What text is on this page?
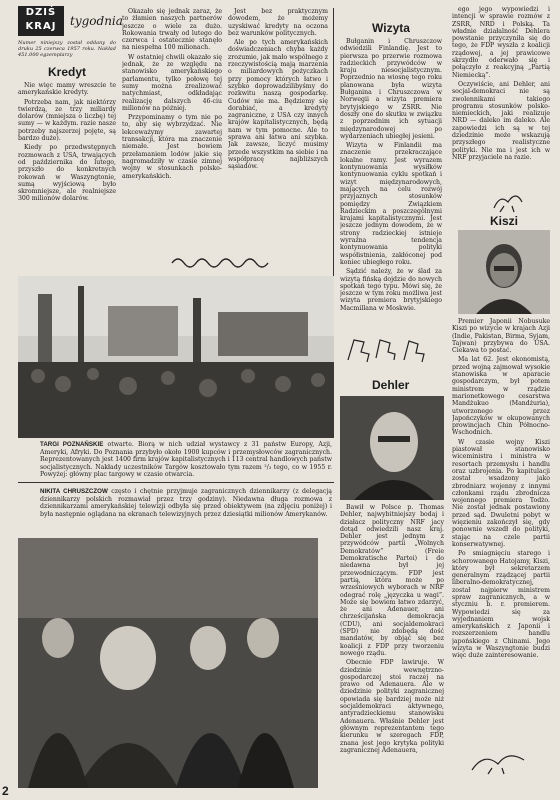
DZIŚ
KRAJ	tygodnia
Numer niniejszy został oddany do druku 25 czerwca 1957 roku. Nakład 451.000 egzemplarzy
Kredyt

Nie więc mamy wreszcie te amerykańskie kredyty.

Potrzeba nam, jak niektórzy twierdzą, ze trzy miliardy dolarów (mniejsza o liczbę) tej sumy — w każdym. razie nasze potrzeby najszerzej pojęte, są bardzo duże).

Kiedy po przedwstępnych rozmowach z USA, trwających od października do lutego, przyszło do konkretnych rokowań w Waszyngtonie, sumą wyjściową było skromniejsze, ale realniejsze 300 milionów dolarów.

Okazało się jednak zaraz, że to żłamien naszych partnerów jeszcze o wiele za dużo. Rokowania trwały od lutego do czerwca i ostatecznie stanęło na niespełna 100 milionach.

W ostatniej chwili okazało się jednak, że ze względu na stanowisko amerykańskiego parlamentu, tylko połowę tej sumy można zrealizować natychmiast, odkładając realizację dalszych 46-ciu milionów na później.

Przypominamy o tym nie po to, aby się wybrzydzać. Nie lekceważymy zawartej transakcji, która ma znaczenie niemałe. Jest bowiem przełamaniem lodów jakie się nagromadziły w czasie zimnej wojny w stosunkach polsko-amerykańskich.

Jest bez praktycznym dowodem, że możemy uzyskiwać kredyty na oczona bez warunków politycznych.

Ale po tych amerykańskich doświadczeniach chyba każdy zrozumie, jak mało wspólnego z rzeczywistością mają marzenia o miliardowych pożyczkach przy pomocy których łatwo i szybko doprowadzilibyśmy do rozkwitu naszą gospodarkę. Cudów nie ma. Będziemy się dorabiać, a kredyty zagraniczne, z USA czy innych krajów kapitalistycznych, będą nam w tym pomocne. Ale to sprawa ani łatwa ani szybka. Jak zawsze, liczyć musimy przede wszystkim na siebie i na współpracę najbliższych sąsiadów.

Wizyta

Bułganin i Chruszczow odwiedzili Finlandię. Jest to pierwsza po przerwie rozmowa radzieckich przywódców w kraju niesocjalistycznym. Poprzednio na wiosnę tego roku planowana była wizyta Bułganina i Chruszczowa w Norwegii a wizyta premiera brytyjskiego w ZSRR. Nie doszły one do skutku w związku z poprzednim ich sytuacji międzynarodowej po wydarzeniach ubiegłej jesieni.

Wizyta w Finlandii ma znaczenie przekraczające lokalne ramy. Jest wyrazem kontynuowania wysiłków kontynuowania cyklu spotkań i wizyt międzynarodowych, mających na celu rozwój przyjaznych stosunków pomiędzy Związkiem Radzieckim a poszczególnymi krajami kapitalistycznymi. Jest jeszcze jednym dowodem, że w strony radzieckiej istnieje wyraźna tendencja kontynuowania polityki współistnienia, zakłóconej pod koniec ubiegłego roku.

Sądzić należy, że w ślad za wizytą fińską dojdzie do nowych spotkań tego typu. Mówi się, że jeszcze w tym roku możliwa jest wizyta premiera brytyjskiego Macmillana w Moskwie.

ego jego wypowiedzi i intencji w sprawie rozmów z ZSRR, NRD i Polską. Ta władnie działalność Dehlera powstanie przyczyniła się do tego, że FDP wyszła z koalicji rządowej, a jej prawicowe skrzydło oderwało się i połączyło z reakcyjną „Partią Niemiecką”.

Oczywiście, ani Dehler, ani socjal-demokraci nie są zwolennikami takiego programu stosunków polsko-niemieckich, jaki realizuje NRD — daleko im daleko. Ale zapowiedzi ich są w tej dziedzinie może wskazują przyszłego realistyczne polityki. Nie ma i jest ich w NRF przyjaciele na razie.

Kiszi

Premier Japonii Nobusuke Kiszi po wizycie w krajach Azji (Indie, Pakistan, Birma, Syjam, Tajwan) przybywa do USA. Ciekawa to postać.

Ma lat 62. Jest ekonomistą, przed wojną zajmował wysokie stanowiska w aparacie gospodarczym, był potem ministrem w rządzie marionetkowego cesarstwa Mandżukuo (Mandżuria), utworzonego przez Japończyków w okupowanych prowincjach Chin Północno-Wschodnich.

W czasie wojny Kiszi piastował stanowisko wiceministra i ministra w resortach przemysłu i handlu oraz uzbrojenia. Po kapitulacji został wsadzony jako zbrodniarz wojenny z innymi członkami rządu zbrodnicza wojennego premiera Todżo. Nie został jednak postawiony przed sąd. Dwuletni pobyt w więzieniu zakończył się, gdy ponownie wszedł do polityki, stając na czele partii konserwatywnej.

Po smiagnięciu starego i schorowanego Hatojamy, Kiszi, który był sekretarzem generalnym rządzącej partii liberalno-demokratycznej, został najpierw ministrem spraw zagranicznych, a w styczniu b. r. premierem. Wypowiedzi się za wyjednaniem wojsk amerykańskich z Japonii i rozszerzeniem handlu japońskiego z Chinami. Jego wizyta w Waszyngtonie budzi więc duże zainteresowanie.

TARGI POZNAŃSKIE otwarte. Biorą w nich udział wystawcy z 31 państw Europy, Azji, Ameryki, Afryki. Do Poznania przybyło około 1900 kupców i przemysłowców zagranicznych. Reprezentowanych jest 1400 firm krajów kapitalistycznych i 113 central handlowych państw socjalistycznych. Nakłady uczestników Targów kosztowało tym razem ²/₃ tego, co w 1955 r. Powyżej: główny plac targowy w czasie otwarcia.
NIKITA CHRUSZCZOW często i chętnie przyjmuje zagranicznych dziennikarzy (z delegacją dziennikarzy polskich rozmawiał przez trzy godziny). Niedawna długa rozmowa z dziennikarzami amerykańskiej telewizji odbyła się przed obiektywem (na zdjęciu poniżej) i była następnie oglądana na ekranach telewizyjnych przez dziesiątki milionów Amerykanów.
Dehler

Bawił w Polsce p. Thomas Dehler, najwybitniejszy bodaj i działacz polityczny NRF jacy dotąd odwiedzili nasz kraj. Dehler jest jednym z przywódców partii „Wolnych Demokratów” (Freie Demokratische Partei) i do niedawna był jej przewodniczącym. FDP jest partią, która może po wrześniowych wyborach w NRF odegrać rolę „języczka u wagi”. Może się bowiem łatwo zdarzyć, że ani Adenauer, ani chrześcijańska demokracja (CDU), ani socjaldemokraci (SPD) nie zdobędą dość mandatów, by objąć się bez koalicji z FDP przy tworzeniu nowego rządu.

Obecnie FDP lawiruje. W dziedzinie wewnętrzno-gospodarczej stoi raczej na prawo od Adenauera. Ale w dziedzinie polityki zagranicznej opowiada się bardziej może niż socjaldemokraci aktywnego, antyradzieckiemu stanowisku Adenauera. Właśnie Dehler jest głównym reprezentantem tego kierunku w szeregach FDP, znana jest jego krytyka polityki zagranicznej Adenauera,

2
